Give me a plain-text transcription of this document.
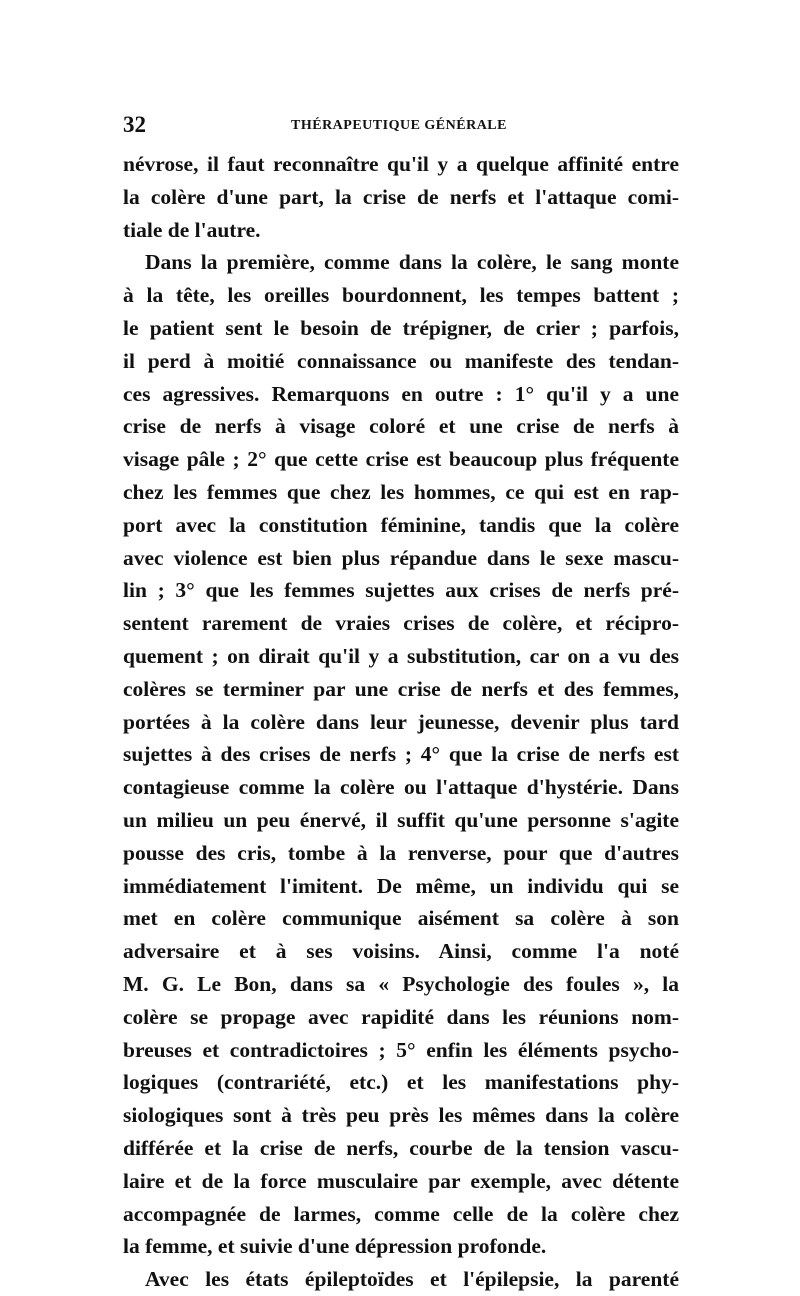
32	THÉRAPEUTIQUE GÉNÉRALE
névrose, il faut reconnaître qu'il y a quelque affinité entre
la colère d'une part, la crise de nerfs et l'attaque comi-
tiale de l'autre.
Dans la première, comme dans la colère, le sang monte
à la tête, les oreilles bourdonnent, les tempes battent ;
le patient sent le besoin de trépigner, de crier ; parfois,
il perd à moitié connaissance ou manifeste des tendan-
ces agressives. Remarquons en outre : 1° qu'il y a une
crise de nerfs à visage coloré et une crise de nerfs à
visage pâle ; 2° que cette crise est beaucoup plus fréquente
chez les femmes que chez les hommes, ce qui est en rap-
port avec la constitution féminine, tandis que la colère
avec violence est bien plus répandue dans le sexe mascu-
lin ; 3° que les femmes sujettes aux crises de nerfs pré-
sentent rarement de vraies crises de colère, et récipro-
quement ; on dirait qu'il y a substitution, car on a vu des
colères se terminer par une crise de nerfs et des femmes,
portées à la colère dans leur jeunesse, devenir plus tard
sujettes à des crises de nerfs ; 4° que la crise de nerfs est
contagieuse comme la colère ou l'attaque d'hystérie. Dans
un milieu un peu énervé, il suffit qu'une personne s'agite
pousse des cris, tombe à la renverse, pour que d'autres
immédiatement l'imitent. De même, un individu qui se
met en colère communique aisément sa colère à son
adversaire et à ses voisins. Ainsi, comme l'a noté
M. G. Le Bon, dans sa « Psychologie des foules », la
colère se propage avec rapidité dans les réunions nom-
breuses et contradictoires ; 5° enfin les éléments psycho-
logiques (contrariété, etc.) et les manifestations phy-
siologiques sont à très peu près les mêmes dans la colère
différée et la crise de nerfs, courbe de la tension vascu-
laire et de la force musculaire par exemple, avec détente
accompagnée de larmes, comme celle de la colère chez
la femme, et suivie d'une dépression profonde.
Avec les états épileptoïdes et l'épilepsie, la parenté
